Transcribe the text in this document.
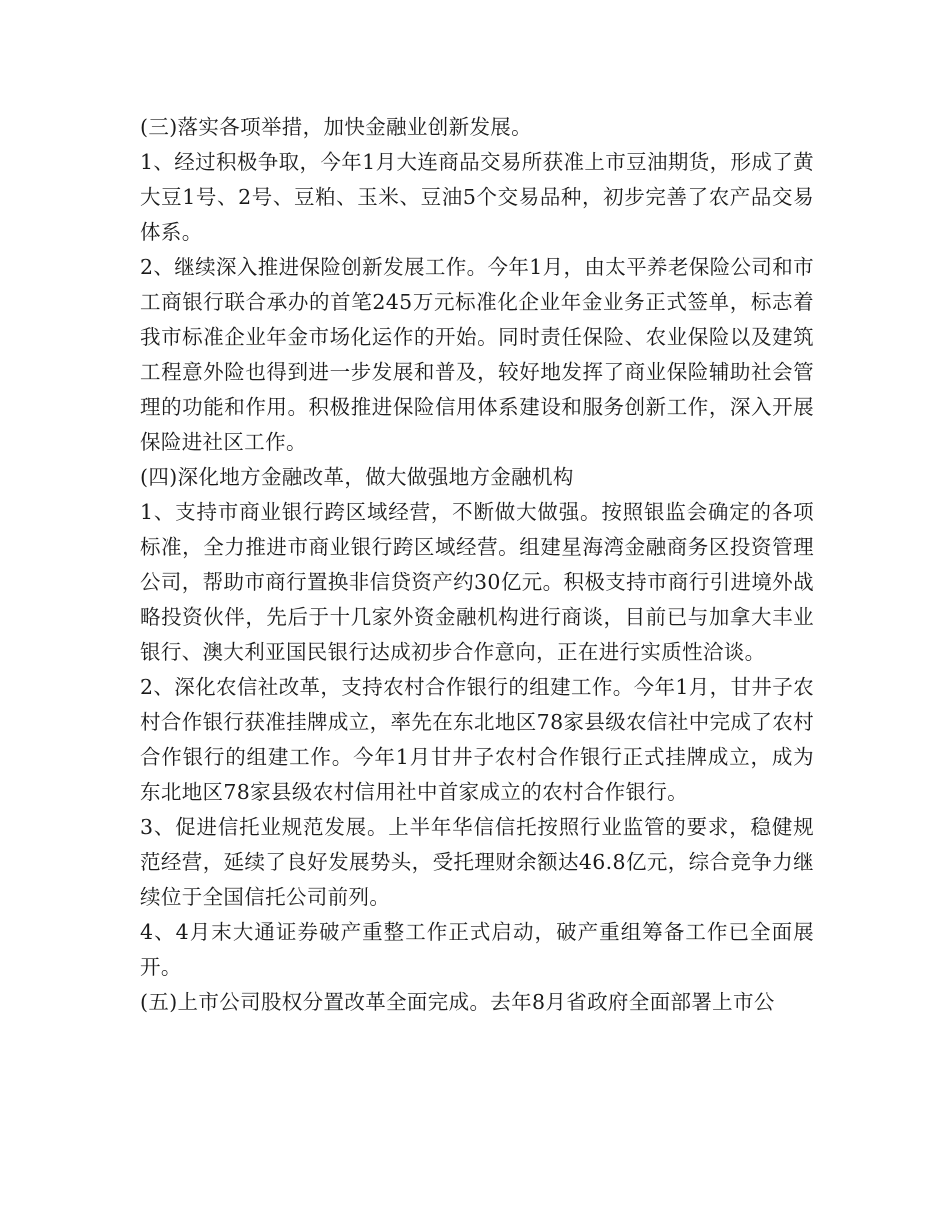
(三)落实各项举措，加快金融业创新发展。

1、经过积极争取，今年1月大连商品交易所获准上市豆油期货，形成了黄大豆1号、2号、豆粕、玉米、豆油5个交易品种，初步完善了农产品交易体系。

2、继续深入推进保险创新发展工作。今年1月，由太平养老保险公司和市工商银行联合承办的首笔245万元标准化企业年金业务正式签单，标志着我市标准企业年金市场化运作的开始。同时责任保险、农业保险以及建筑工程意外险也得到进一步发展和普及，较好地发挥了商业保险辅助社会管理的功能和作用。积极推进保险信用体系建设和服务创新工作，深入开展保险进社区工作。

(四)深化地方金融改革，做大做强地方金融机构

1、支持市商业银行跨区域经营，不断做大做强。按照银监会确定的各项标准，全力推进市商业银行跨区域经营。组建星海湾金融商务区投资管理公司，帮助市商行置换非信贷资产约30亿元。积极支持市商行引进境外战略投资伙伴，先后于十几家外资金融机构进行商谈，目前已与加拿大丰业银行、澳大利亚国民银行达成初步合作意向，正在进行实质性洽谈。

2、深化农信社改革，支持农村合作银行的组建工作。今年1月，甘井子农村合作银行获准挂牌成立，率先在东北地区78家县级农信社中完成了农村合作银行的组建工作。今年1月甘井子农村合作银行正式挂牌成立，成为东北地区78家县级农村信用社中首家成立的农村合作银行。

3、促进信托业规范发展。上半年华信信托按照行业监管的要求，稳健规范经营，延续了良好发展势头，受托理财余额达46.8亿元，综合竞争力继续位于全国信托公司前列。

4、4月末大通证券破产重整工作正式启动，破产重组筹备工作已全面展开。

(五)上市公司股权分置改革全面完成。去年8月省政府全面部署上市公
